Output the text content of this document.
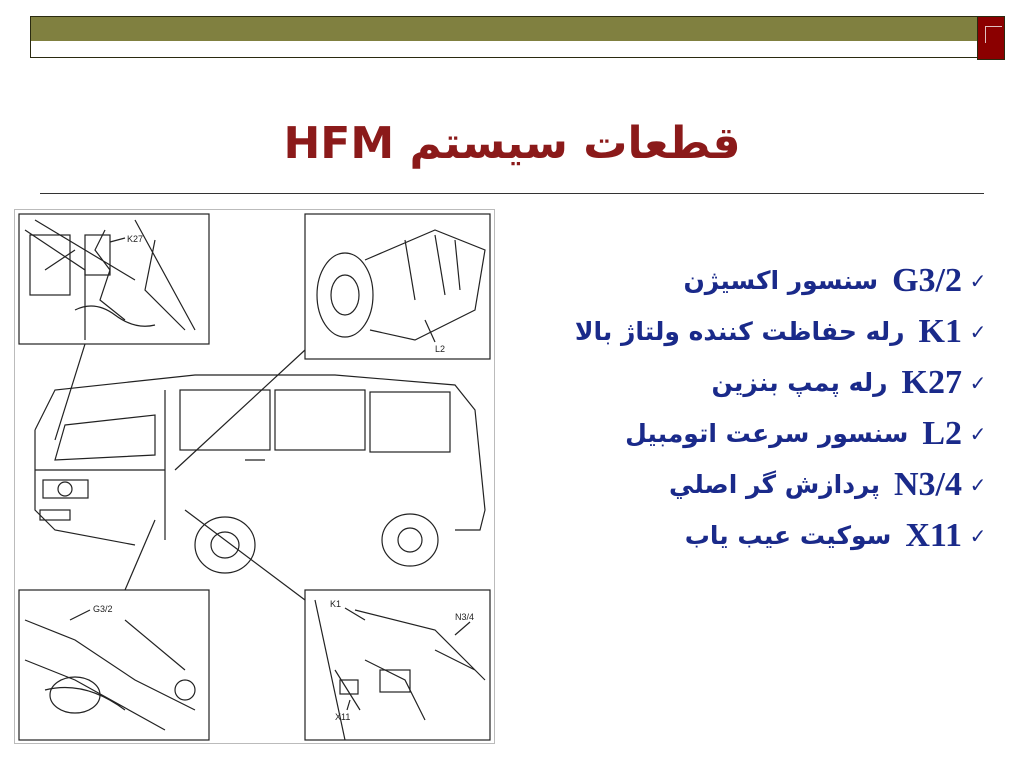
قطعات سیستم HFM
K27
L2
G3/2	K1
N3/4
X11
✓
G3/2
سنسور اکسیژن
✓
K1
رله حفاظت كننده ولتاژ بالا
✓
K27
رله پمپ بنزين
✓
L2
سنسور سرعت اتومبيل
✓
N3/4
پردازش گر اصلي
✓
X11
سوكيت عيب ياب
